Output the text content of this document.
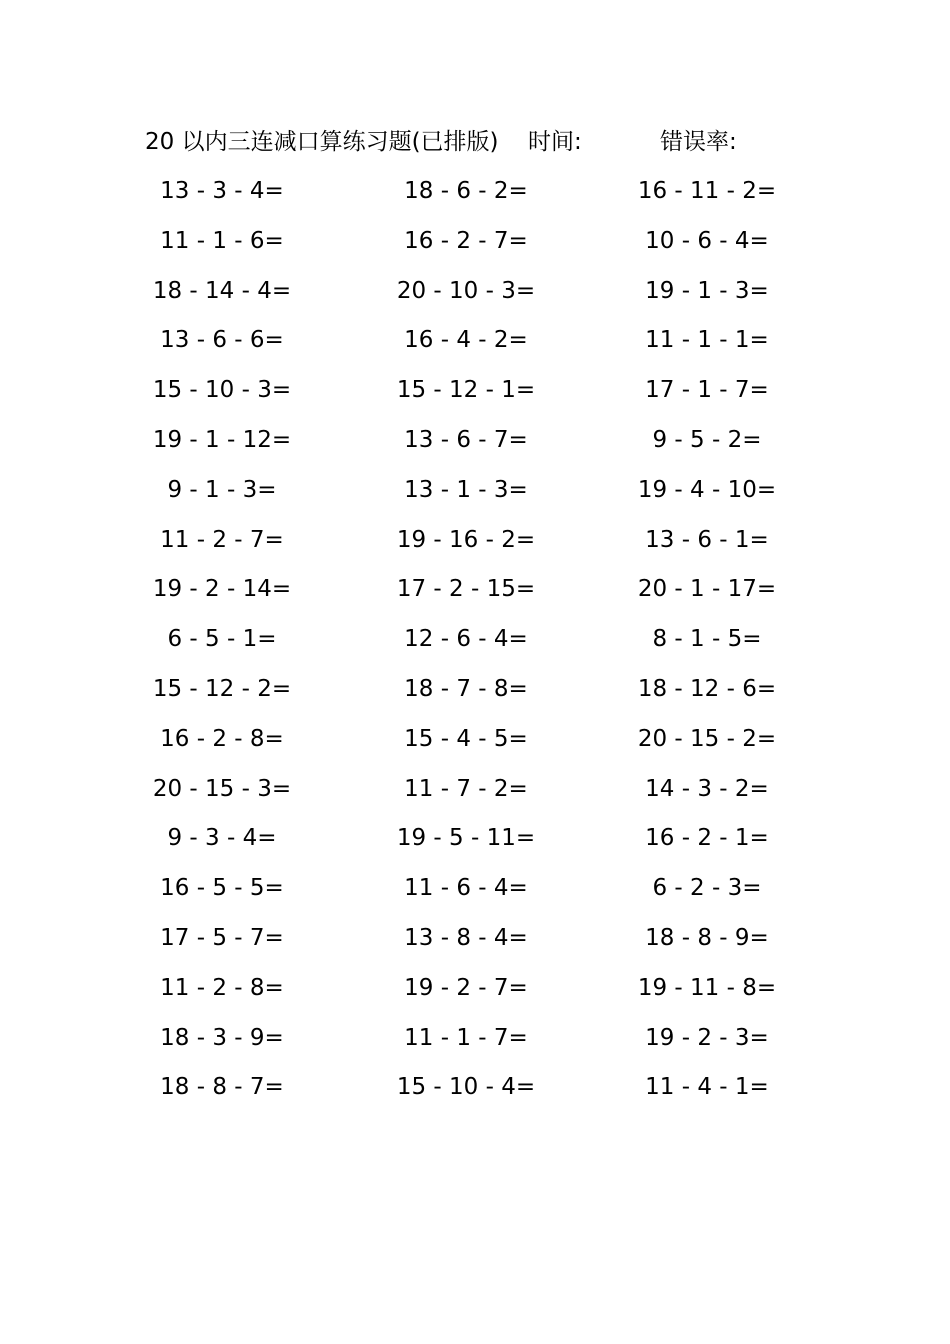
20 以内三连减口算练习题(已排版) 时间:	错误率:
13 - 3 - 4=	18 - 6 - 2=	16 - 11 - 2=
11 - 1 - 6=	16 - 2 - 7=	10 - 6 - 4=
18 - 14 - 4=	20 - 10 - 3=	19 - 1 - 3=
13 - 6 - 6=	16 - 4 - 2=	11 - 1 - 1=
15 - 10 - 3=	15 - 12 - 1=	17 - 1 - 7=
19 - 1 - 12=	13 - 6 - 7=	9 - 5 - 2=
9 - 1 - 3=	13 - 1 - 3=	19 - 4 - 10=
11 - 2 - 7=	19 - 16 - 2=	13 - 6 - 1=
19 - 2 - 14=	17 - 2 - 15=	20 - 1 - 17=
6 - 5 - 1=	12 - 6 - 4=	8 - 1 - 5=
15 - 12 - 2=	18 - 7 - 8=	18 - 12 - 6=
16 - 2 - 8=	15 - 4 - 5=	20 - 15 - 2=
20 - 15 - 3=	11 - 7 - 2=	14 - 3 - 2=
9 - 3 - 4=	19 - 5 - 11=	16 - 2 - 1=
16 - 5 - 5=	11 - 6 - 4=	6 - 2 - 3=
17 - 5 - 7=	13 - 8 - 4=	18 - 8 - 9=
11 - 2 - 8=	19 - 2 - 7=	19 - 11 - 8=
18 - 3 - 9=	11 - 1 - 7=	19 - 2 - 3=
18 - 8 - 7=	15 - 10 - 4=	11 - 4 - 1=
